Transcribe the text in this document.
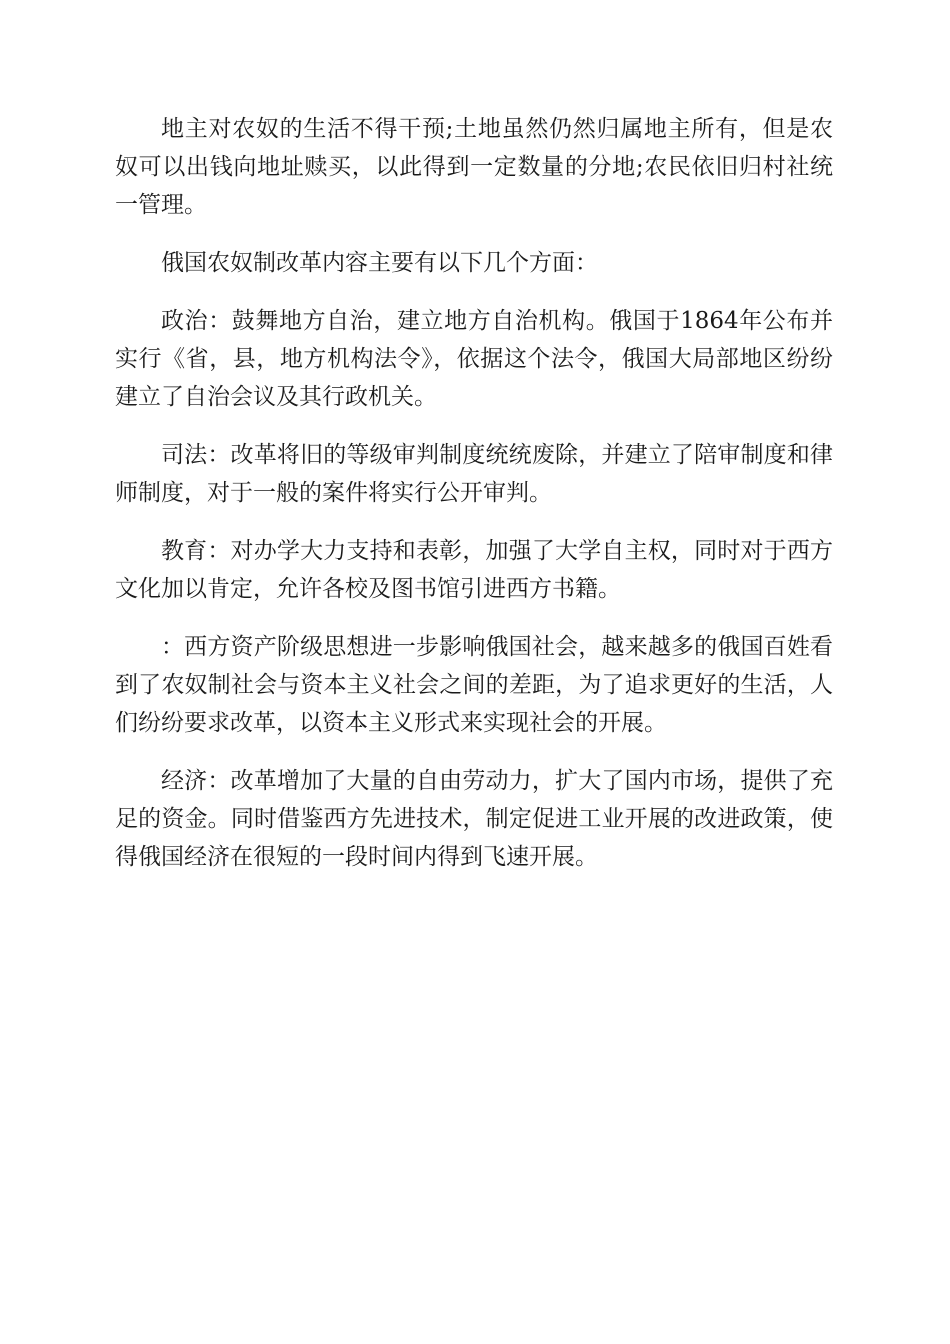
地主对农奴的生活不得干预;土地虽然仍然归属地主所有，但是农奴可以出钱向地址赎买，以此得到一定数量的分地;农民依旧归村社统一管理。

俄国农奴制改革内容主要有以下几个方面：

政治：鼓舞地方自治，建立地方自治机构。俄国于1864年公布并实行《省，县，地方机构法令》，依据这个法令，俄国大局部地区纷纷建立了自治会议及其行政机关。

司法：改革将旧的等级审判制度统统废除，并建立了陪审制度和律师制度，对于一般的案件将实行公开审判。

教育：对办学大力支持和表彰，加强了大学自主权，同时对于西方文化加以肯定，允许各校及图书馆引进西方书籍。

：西方资产阶级思想进一步影响俄国社会，越来越多的俄国百姓看到了农奴制社会与资本主义社会之间的差距，为了追求更好的生活，人们纷纷要求改革，以资本主义形式来实现社会的开展。

经济：改革增加了大量的自由劳动力，扩大了国内市场，提供了充足的资金。同时借鉴西方先进技术，制定促进工业开展的改进政策，使得俄国经济在很短的一段时间内得到飞速开展。
